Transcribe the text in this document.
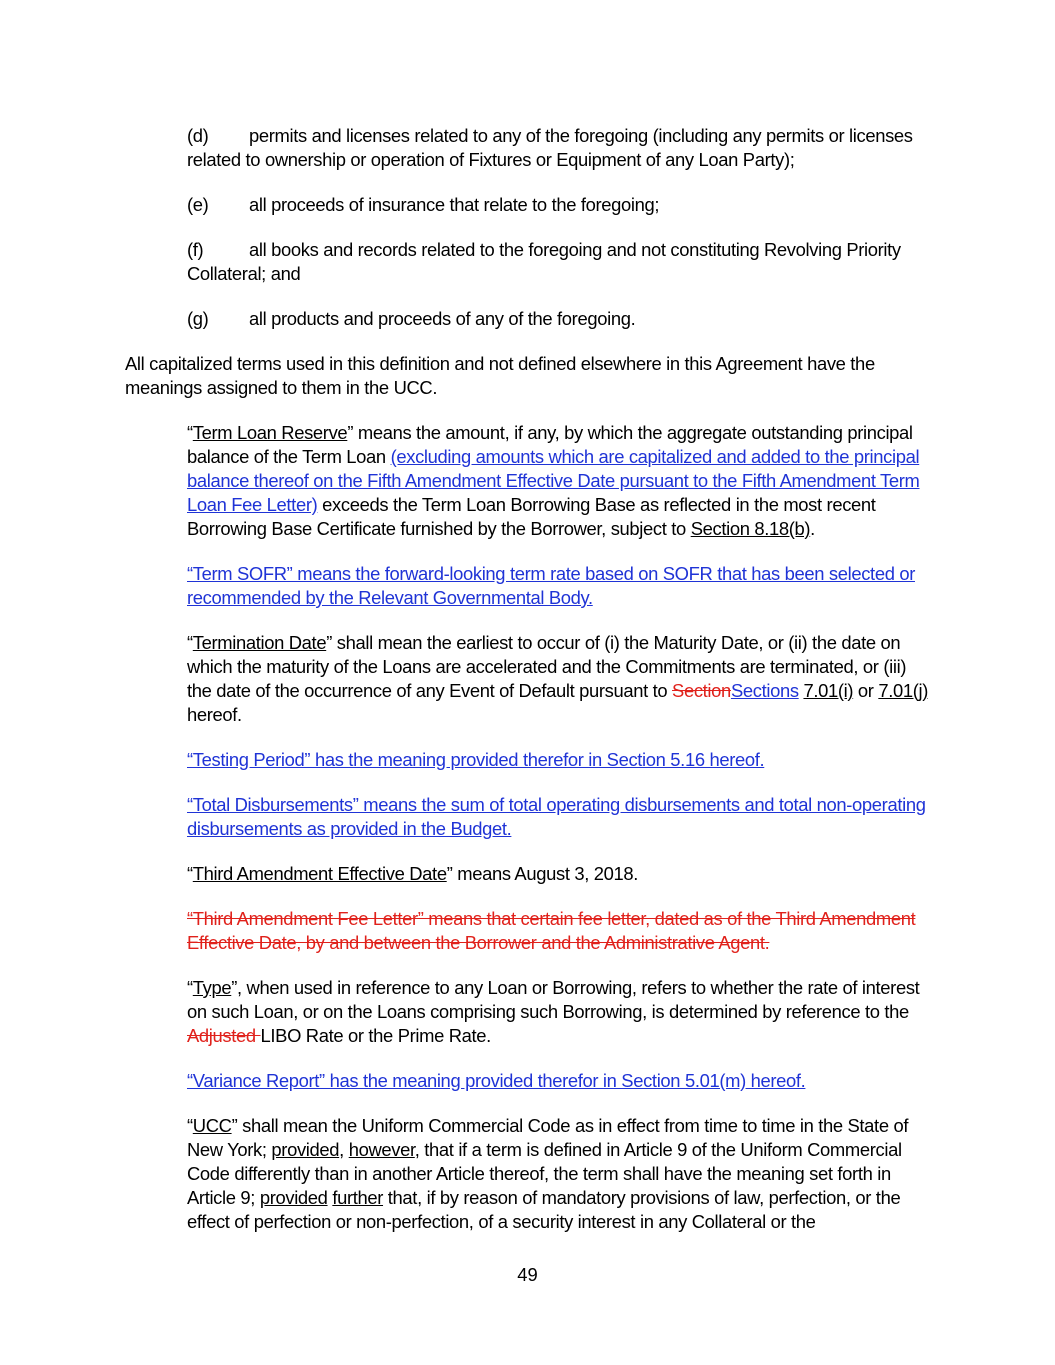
(d) permits and licenses related to any of the foregoing (including any permits or licenses related to ownership or operation of Fixtures or Equipment of any Loan Party);

(e) all proceeds of insurance that relate to the foregoing;

(f) all books and records related to the foregoing and not constituting Revolving Priority Collateral; and

(g) all products and proceeds of any of the foregoing.

All capitalized terms used in this definition and not defined elsewhere in this Agreement have the meanings assigned to them in the UCC.

“Term Loan Reserve” means the amount, if any, by which the aggregate outstanding principal balance of the Term Loan (excluding amounts which are capitalized and added to the principal balance thereof on the Fifth Amendment Effective Date pursuant to the Fifth Amendment Term Loan Fee Letter) exceeds the Term Loan Borrowing Base as reflected in the most recent Borrowing Base Certificate furnished by the Borrower, subject to Section 8.18(b).

“Term SOFR” means the forward-looking term rate based on SOFR that has been selected or recommended by the Relevant Governmental Body.

“Termination Date” shall mean the earliest to occur of (i) the Maturity Date, or (ii) the date on which the maturity of the Loans are accelerated and the Commitments are terminated, or (iii) the date of the occurrence of any Event of Default pursuant to SectionSections 7.01(i) or 7.01(j) hereof.

“Testing Period” has the meaning provided therefor in Section 5.16 hereof.

“Total Disbursements” means the sum of total operating disbursements and total non-operating disbursements as provided in the Budget.

“Third Amendment Effective Date” means August 3, 2018.

“Third Amendment Fee Letter” means that certain fee letter, dated as of the Third Amendment Effective Date, by and between the Borrower and the Administrative Agent.

“Type”, when used in reference to any Loan or Borrowing, refers to whether the rate of interest on such Loan, or on the Loans comprising such Borrowing, is determined by reference to the Adjusted LIBO Rate or the Prime Rate.

“Variance Report” has the meaning provided therefor in Section 5.01(m) hereof.

“UCC” shall mean the Uniform Commercial Code as in effect from time to time in the State of New York; provided, however, that if a term is defined in Article 9 of the Uniform Commercial Code differently than in another Article thereof, the term shall have the meaning set forth in Article 9; provided further that, if by reason of mandatory provisions of law, perfection, or the effect of perfection or non-perfection, of a security interest in any Collateral or the

49
